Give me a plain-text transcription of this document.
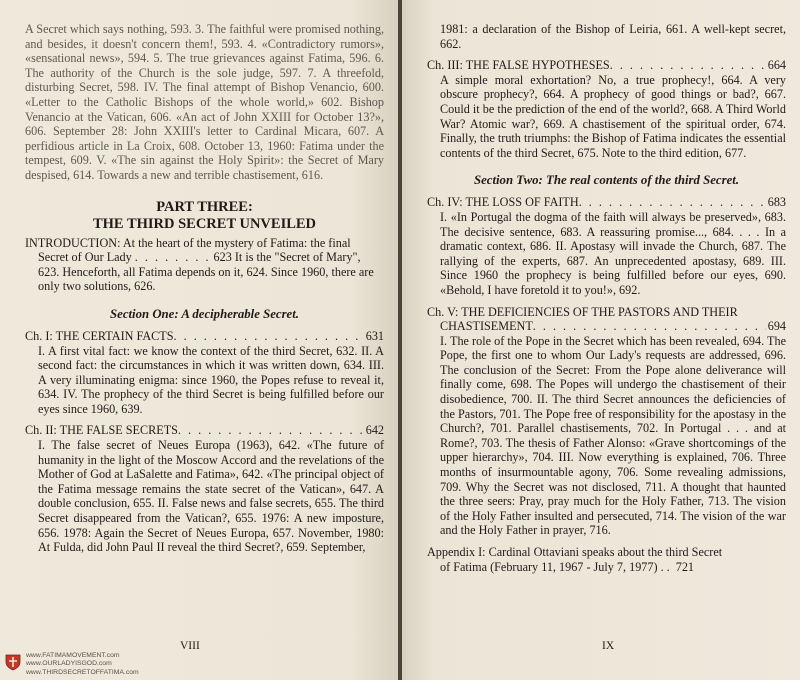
A Secret which says nothing, 593. 3. The faithful were promised nothing, and besides, it doesn't concern them!, 593. 4. «Contradictory rumors», «sensational news», 594. 5. The true grievances against Fatima, 596. 6. The authority of the Church is the sole judge, 597. 7. A threefold, disturbing Secret, 598. IV. The final attempt of Bishop Venancio, 600. «Letter to the Catholic Bishops of the whole world,» 602. Bishop Venancio at the Vatican, 606. «An act of John XXIII for October 13?», 606. September 28: John XXIII's letter to Cardinal Micara, 607. A perfidious article in La Croix, 608. October 13, 1960: Fatima under the tempest, 609. V. «The sin against the Holy Spirit»: the Secret of Mary despised, 614. Towards a new and terrible chastisement, 616.

PART THREE:
THE THIRD SECRET UNVEILED
INTRODUCTION: At the heart of the mystery of Fatima: the final Secret of Our Lady . . . . . . . . 623 It is the "Secret of Mary", 623. Henceforth, all Fatima depends on it, 624. Since 1960, there are only two solutions, 626.
Section One: A decipherable Secret.
Ch. I: THE CERTAIN FACTS . . .	631
I. A first vital fact: we know the context of the third Secret, 632. II. A second fact: the circumstances in which it was written down, 634. III. A very illuminating enigma: since 1960, the Popes refuse to reveal it, 634. IV. The prophecy of the third Secret is being fulfilled before our eyes since 1960, 639.
Ch. II: THE FALSE SECRETS . . .	642
I. The false secret of Neues Europa (1963), 642. «The future of humanity in the light of the Moscow Accord and the revelations of the Mother of God at LaSalette and Fatima», 642. «The principal object of the Fatima message remains the state secret of the Vatican», 647. A double conclusion, 655. II. False news and false secrets, 655. The third Secret disappeared from the Vatican?, 655. 1976: A new imposture, 656. 1978: Again the Secret of Neues Europa, 657. November, 1980: At Fulda, did John Paul II reveal the third Secret?, 659. September,
VIII
www.FATIMAMOVEMENT.com
www.OURLADYISGOD.com
www.THIRDSECRETOFFATIMA.com

1981: a declaration of the Bishop of Leiria, 661. A well-kept secret, 662.

Ch. III: THE FALSE HYPOTHESES . . .	664
A simple moral exhortation? No, a true prophecy!, 664. A very obscure prophecy?, 664. A prophecy of good things or bad?, 667. Could it be the prediction of the end of the world?, 668. A Third World War? Atomic war?, 669. A chastisement of the spiritual order, 674. Finally, the truth triumphs: the Bishop of Fatima indicates the essential contents of the third Secret, 675. Note to the third edition, 677.
Section Two: The real contents of the third Secret.
Ch. IV: THE LOSS OF FAITH . . .	683
I. «In Portugal the dogma of the faith will always be preserved», 683. The decisive sentence, 683. A reassuring promise..., 684. . . . In a dramatic context, 686. II. Apostasy will invade the Church, 687. The rallying of the experts, 687. An unprecedented apostasy, 689. III. Since 1960 the prophecy is being fulfilled before our eyes, 690. «Behold, I have foretold it to you!», 692.
Ch. V: THE DEFICIENCIES OF THE PASTORS AND THEIR
CHASTISEMENT . . .	694
I. The role of the Pope in the Secret which has been revealed, 694. The Pope, the first one to whom Our Lady's requests are addressed, 696. The conclusion of the Secret: From the Pope alone deliverance will finally come, 698. The Popes will undergo the chastisement of their disobedience, 700. II. The third Secret announces the deficiencies of the Pastors, 701. The Pope free of responsibility for the apostasy in the Church?, 701. Parallel chastisements, 702. In Portugal . . . and at Rome?, 703. The thesis of Father Alonso: «Grave shortcomings of the upper hierarchy», 704. III. Now everything is explained, 706. Three months of insurmountable agony, 706. Some revealing admissions, 709. Why the Secret was not disclosed, 711. A thought that haunted the three seers: Pray, pray much for the Holy Father, 713. The vision of the Holy Father insulted and persecuted, 714. The vision of the war and the Holy Father in prayer, 716.
Appendix I: Cardinal Ottaviani speaks about the third Secret
of Fatima (February 11, 1967 - July 7, 1977) . . 721
IX
